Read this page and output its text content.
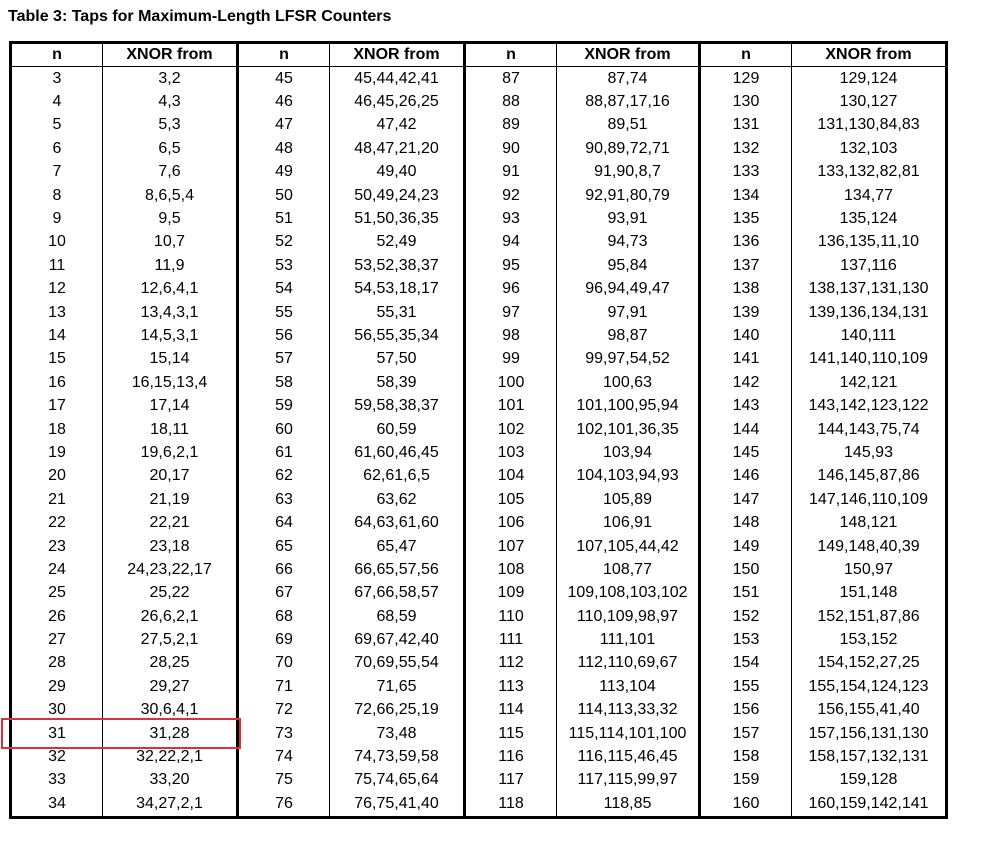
Table 3: Taps for Maximum-Length LFSR Counters
n	XNOR from	n	XNOR from	n	XNOR from	n	XNOR from
3	3,2	45	45,44,42,41	87	87,74	129	129,124
4	4,3	46	46,45,26,25	88	88,87,17,16	130	130,127
5	5,3	47	47,42	89	89,51	131	131,130,84,83
6	6,5	48	48,47,21,20	90	90,89,72,71	132	132,103
7	7,6	49	49,40	91	91,90,8,7	133	133,132,82,81
8	8,6,5,4	50	50,49,24,23	92	92,91,80,79	134	134,77
9	9,5	51	51,50,36,35	93	93,91	135	135,124
10	10,7	52	52,49	94	94,73	136	136,135,11,10
11	11,9	53	53,52,38,37	95	95,84	137	137,116
12	12,6,4,1	54	54,53,18,17	96	96,94,49,47	138	138,137,131,130
13	13,4,3,1	55	55,31	97	97,91	139	139,136,134,131
14	14,5,3,1	56	56,55,35,34	98	98,87	140	140,111
15	15,14	57	57,50	99	99,97,54,52	141	141,140,110,109
16	16,15,13,4	58	58,39	100	100,63	142	142,121
17	17,14	59	59,58,38,37	101	101,100,95,94	143	143,142,123,122
18	18,11	60	60,59	102	102,101,36,35	144	144,143,75,74
19	19,6,2,1	61	61,60,46,45	103	103,94	145	145,93
20	20,17	62	62,61,6,5	104	104,103,94,93	146	146,145,87,86
21	21,19	63	63,62	105	105,89	147	147,146,110,109
22	22,21	64	64,63,61,60	106	106,91	148	148,121
23	23,18	65	65,47	107	107,105,44,42	149	149,148,40,39
24	24,23,22,17	66	66,65,57,56	108	108,77	150	150,97
25	25,22	67	67,66,58,57	109	109,108,103,102	151	151,148
26	26,6,2,1	68	68,59	110	110,109,98,97	152	152,151,87,86
27	27,5,2,1	69	69,67,42,40	111	111,101	153	153,152
28	28,25	70	70,69,55,54	112	112,110,69,67	154	154,152,27,25
29	29,27	71	71,65	113	113,104	155	155,154,124,123
30	30,6,4,1	72	72,66,25,19	114	114,113,33,32	156	156,155,41,40
31	31,28	73	73,48	115	115,114,101,100	157	157,156,131,130
32	32,22,2,1	74	74,73,59,58	116	116,115,46,45	158	158,157,132,131
33	33,20	75	75,74,65,64	117	117,115,99,97	159	159,128
34	34,27,2,1	76	76,75,41,40	118	118,85	160	160,159,142,141
